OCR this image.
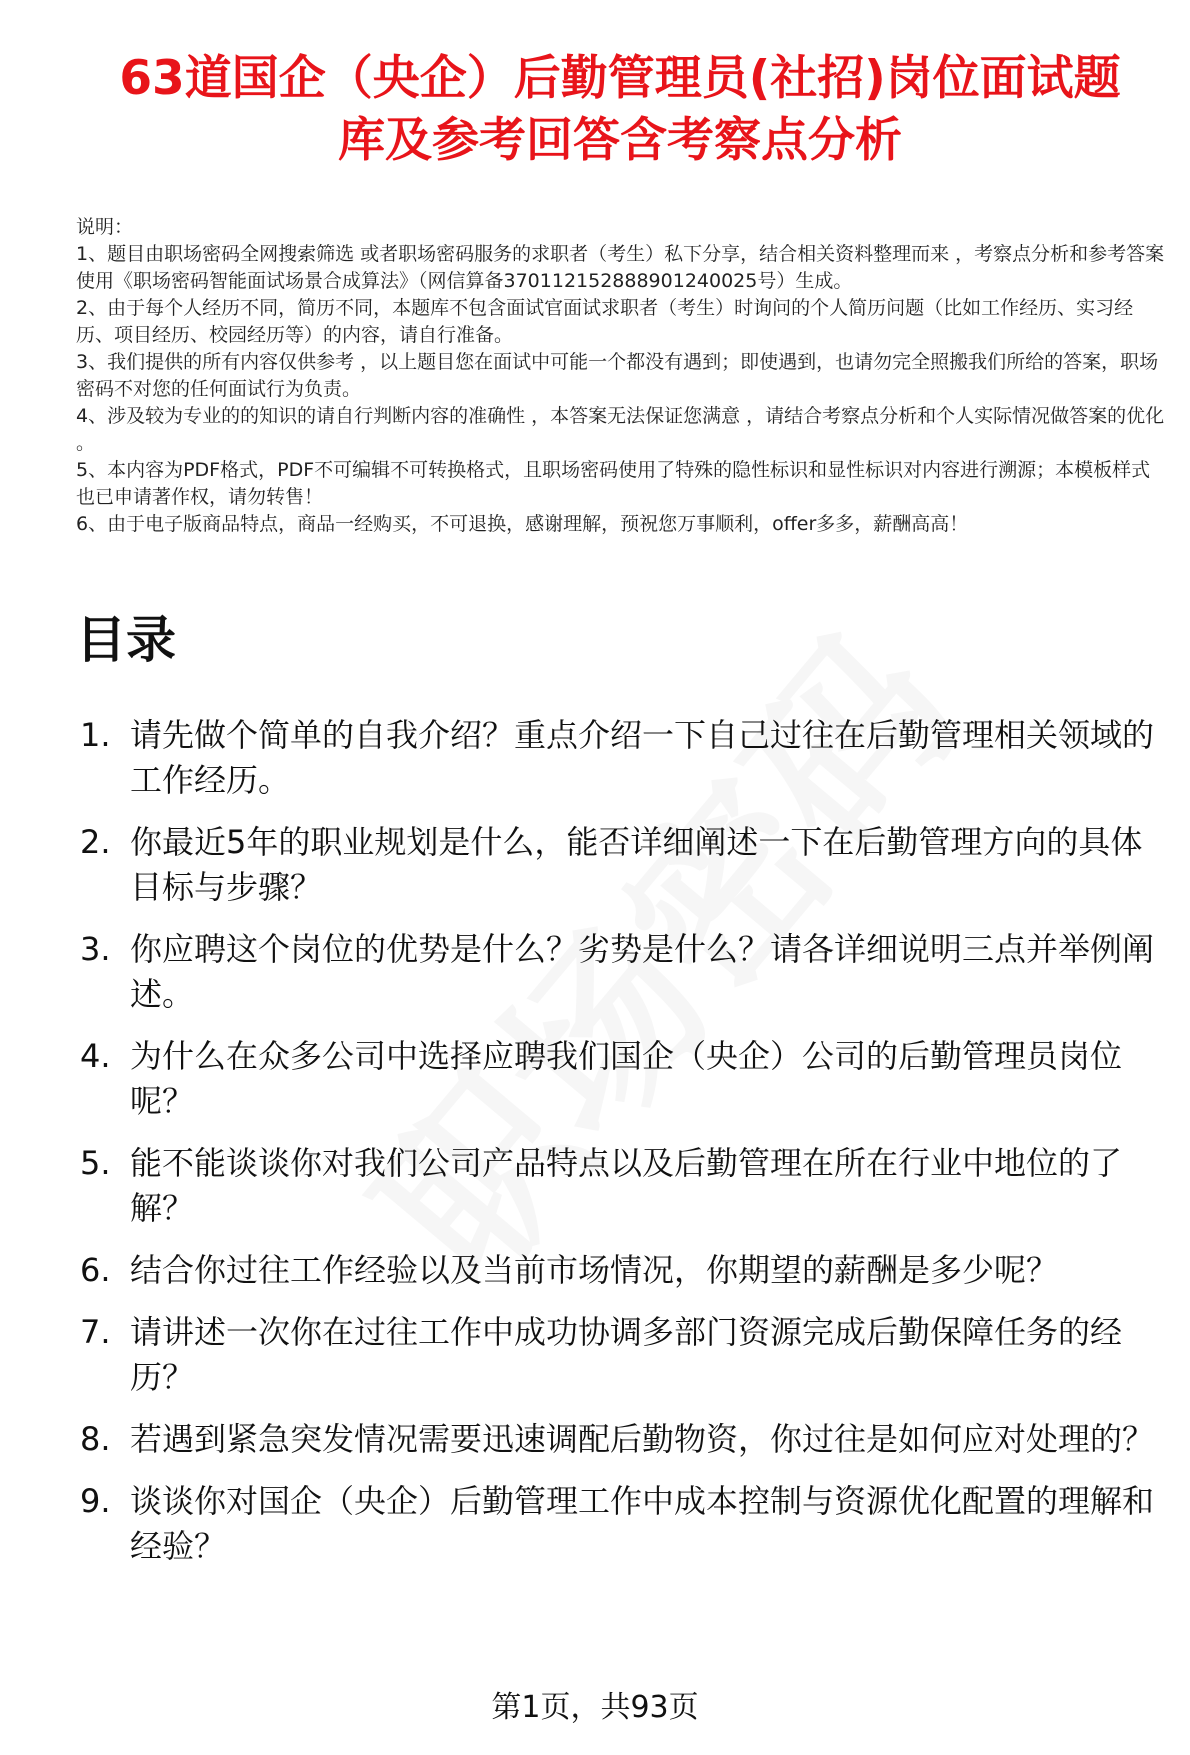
63道国企（央企）后勤管理员(社招)岗位面试题
库及参考回答含考察点分析

说明：

1、题目由职场密码全网搜索筛选 或者职场密码服务的求职者（考生）私下分享，结合相关资料整理而来 ，考察点分析和参考答案使用《职场密码智能面试场景合成算法》（网信算备370112152888901240025号）生成。

2、由于每个人经历不同，简历不同，本题库不包含面试官面试求职者（考生）时询问的个人简历问题（比如工作经历、实习经历、项目经历、校园经历等）的内容，请自行准备。

3、我们提供的所有内容仅供参考 ，以上题目您在面试中可能一个都没有遇到；即使遇到，也请勿完全照搬我们所给的答案，职场密码不对您的任何面试行为负责。

4、涉及较为专业的的知识的请自行判断内容的准确性 ，本答案无法保证您满意 ，请结合考察点分析和个人实际情况做答案的优化 。

5、本内容为PDF格式，PDF不可编辑不可转换格式，且职场密码使用了特殊的隐性标识和显性标识对内容进行溯源；本模板样式也已申请著作权，请勿转售！

6、由于电子版商品特点，商品一经购买，不可退换，感谢理解，预祝您万事顺利，offer多多，薪酬高高！

目录
1. 请先做个简单的自我介绍？重点介绍一下自己过往在后勤管理相关领域的工作经历。
2. 你最近5年的职业规划是什么，能否详细阐述一下在后勤管理方向的具体目标与步骤？
3. 你应聘这个岗位的优势是什么？劣势是什么？请各详细说明三点并举例阐述。
4. 为什么在众多公司中选择应聘我们国企（央企）公司的后勤管理员岗位呢？
5. 能不能谈谈你对我们公司产品特点以及后勤管理在所在行业中地位的了解？
6. 结合你过往工作经验以及当前市场情况，你期望的薪酬是多少呢？
7. 请讲述一次你在过往工作中成功协调多部门资源完成后勤保障任务的经历？
8. 若遇到紧急突发情况需要迅速调配后勤物资，你过往是如何应对处理的？
9. 谈谈你对国企（央企）后勤管理工作中成本控制与资源优化配置的理解和经验？
第1页，共93页
